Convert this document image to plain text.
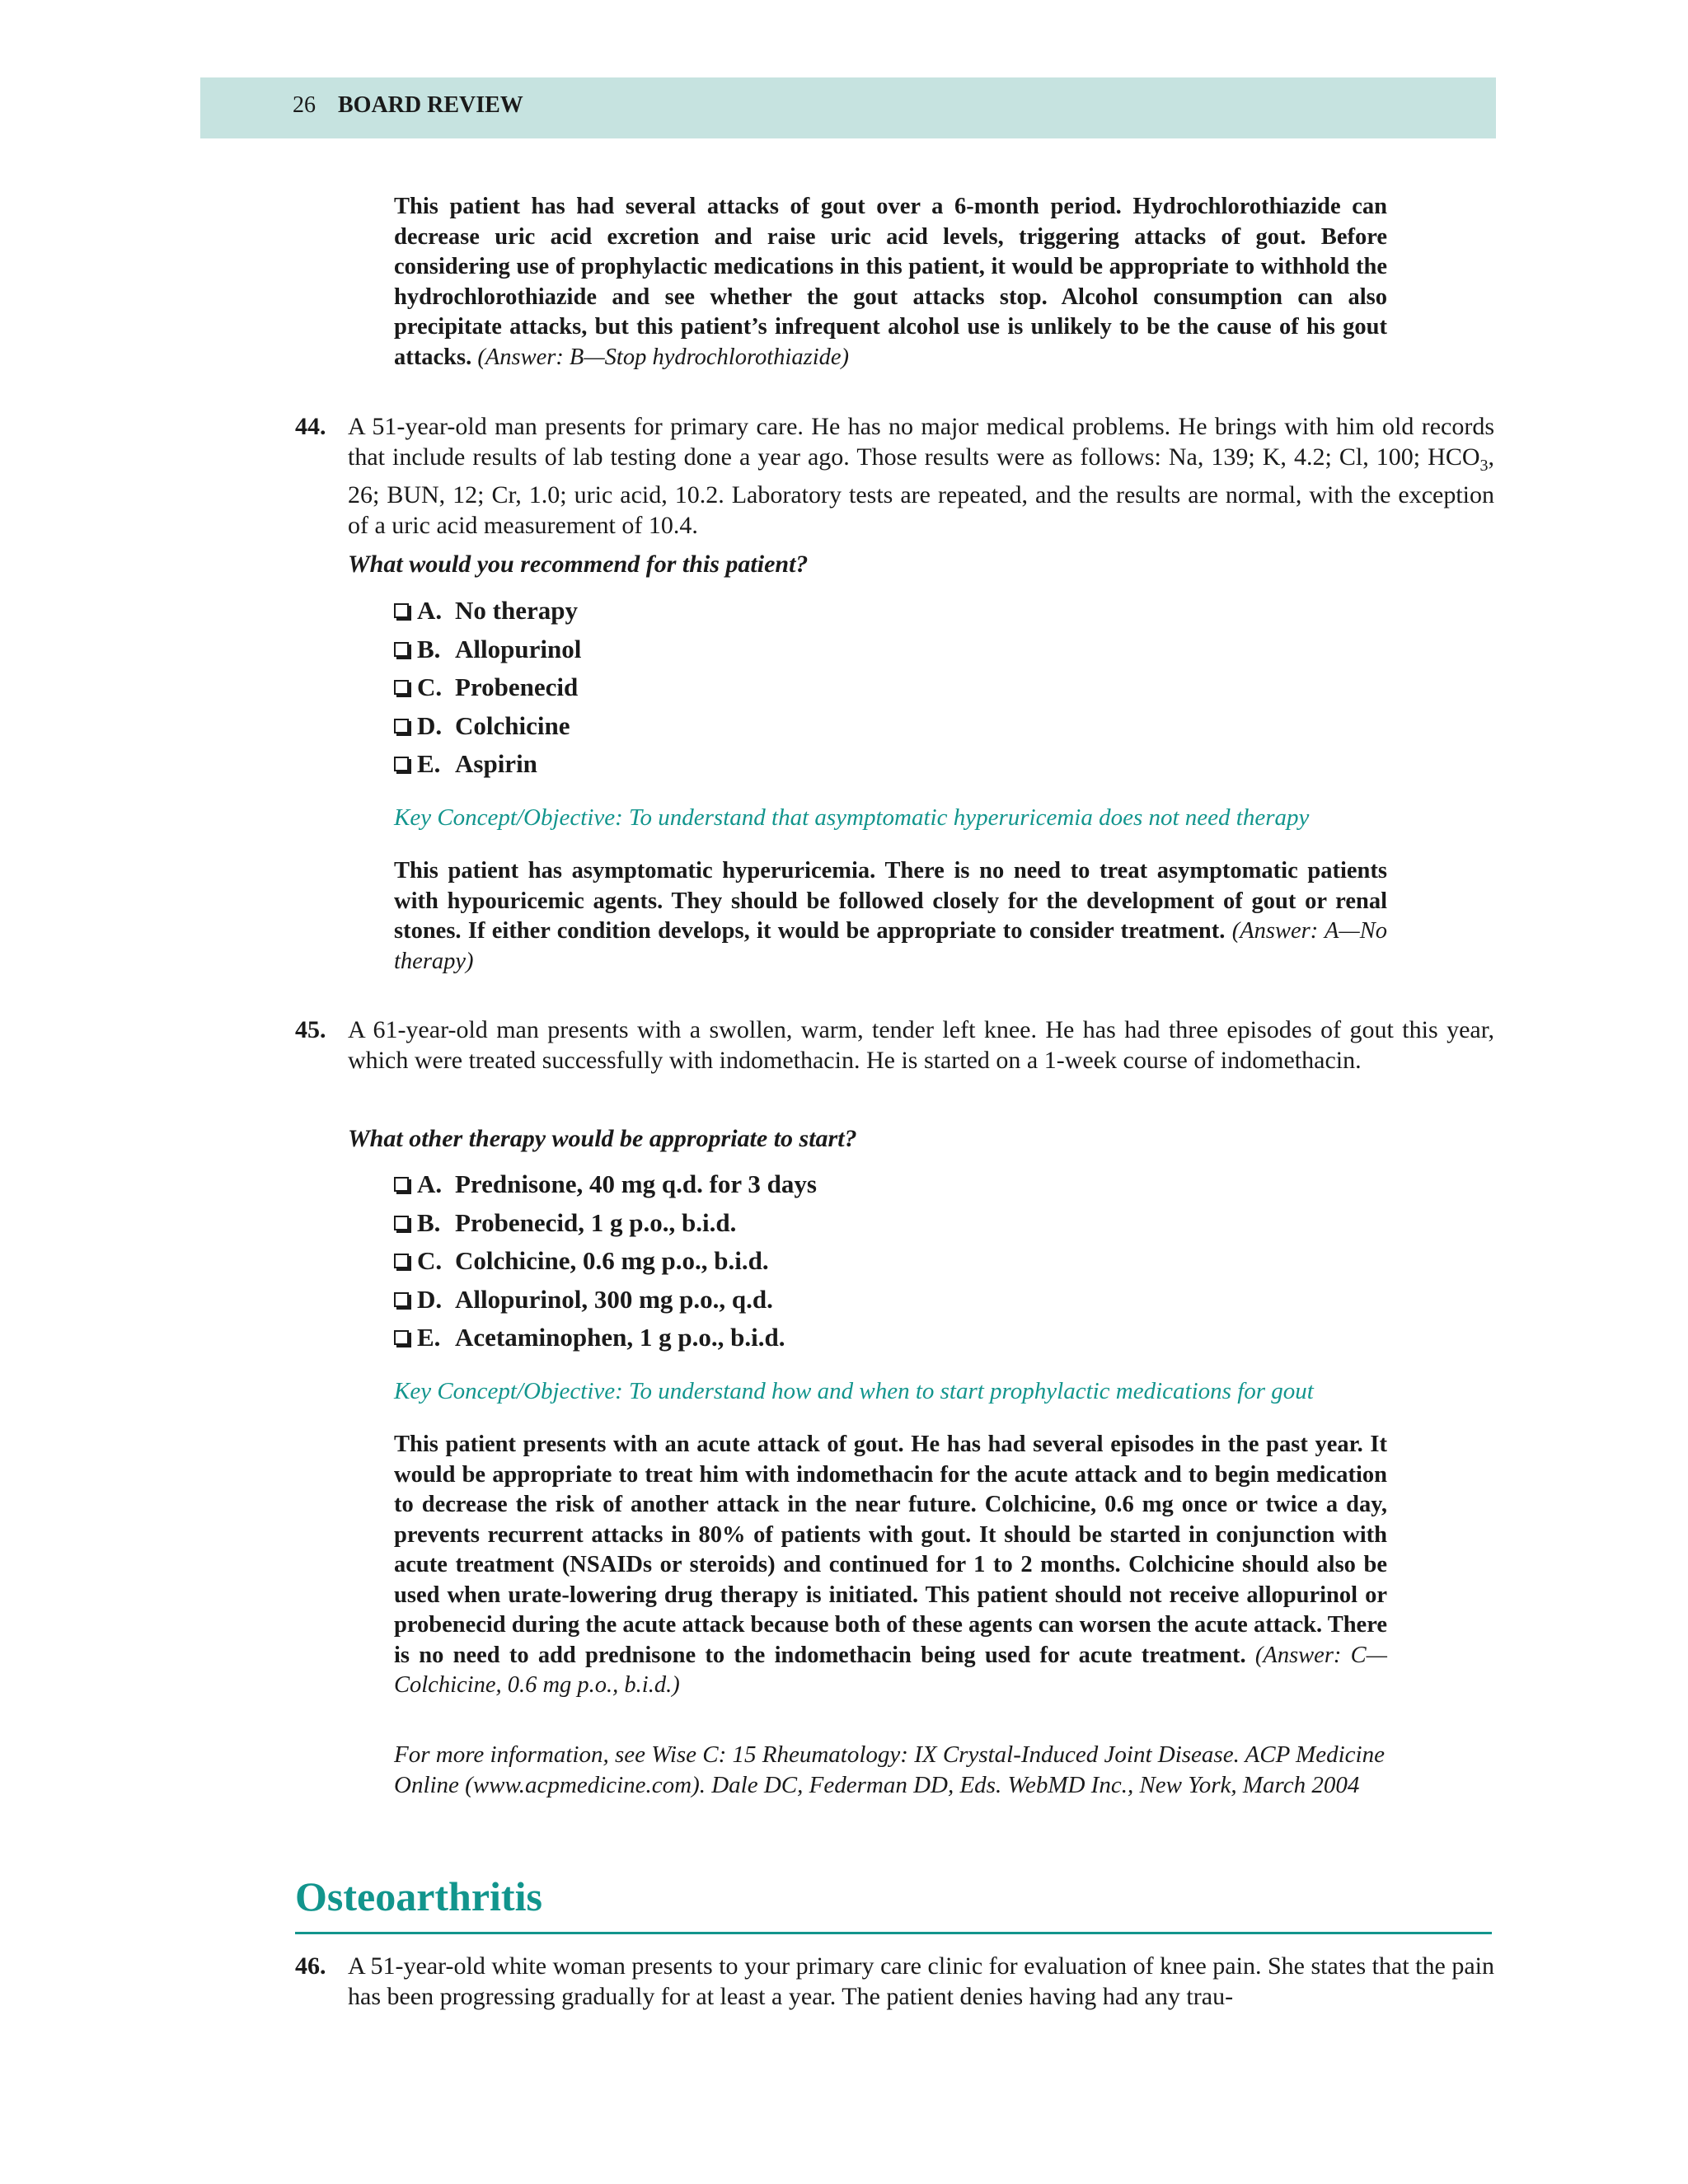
26 BOARD REVIEW
This patient has had several attacks of gout over a 6-month period. Hydrochlorothiazide can decrease uric acid excretion and raise uric acid levels, triggering attacks of gout. Before considering use of prophylactic medications in this patient, it would be appropriate to withhold the hydrochlorothiazide and see whether the gout attacks stop. Alcohol consumption can also precipitate attacks, but this patient’s infrequent alcohol use is unlikely to be the cause of his gout attacks. (Answer: B—Stop hydrochlorothiazide)
44. A 51-year-old man presents for primary care. He has no major medical problems. He brings with him old records that include results of lab testing done a year ago. Those results were as follows: Na, 139; K, 4.2; Cl, 100; $HCO_3$, 26; BUN, 12; Cr, 1.0; uric acid, 10.2. Laboratory tests are repeated, and the results are normal, with the exception of a uric acid measurement of 10.4.
What would you recommend for this patient?
A. No therapy
B. Allopurinol
C. Probenecid
D. Colchicine
E. Aspirin
Key Concept/Objective: To understand that asymptomatic hyperuricemia does not need therapy
This patient has asymptomatic hyperuricemia. There is no need to treat asymptomatic patients with hypouricemic agents. They should be followed closely for the development of gout or renal stones. If either condition develops, it would be appropriate to consider treatment. (Answer: A—No therapy)
45. A 61-year-old man presents with a swollen, warm, tender left knee. He has had three episodes of gout this year, which were treated successfully with indomethacin. He is started on a 1-week course of indomethacin.
What other therapy would be appropriate to start?
A. Prednisone, 40 mg q.d. for 3 days
B. Probenecid, 1 g p.o., b.i.d.
C. Colchicine, 0.6 mg p.o., b.i.d.
D. Allopurinol, 300 mg p.o., q.d.
E. Acetaminophen, 1 g p.o., b.i.d.
Key Concept/Objective: To understand how and when to start prophylactic medications for gout
This patient presents with an acute attack of gout. He has had several episodes in the past year. It would be appropriate to treat him with indomethacin for the acute attack and to begin medication to decrease the risk of another attack in the near future. Colchicine, 0.6 mg once or twice a day, prevents recurrent attacks in 80% of patients with gout. It should be started in conjunction with acute treatment (NSAIDs or steroids) and continued for 1 to 2 months. Colchicine should also be used when urate-lowering drug therapy is initiated. This patient should not receive allopurinol or probenecid during the acute attack because both of these agents can worsen the acute attack. There is no need to add prednisone to the indomethacin being used for acute treatment. (Answer: C—Colchicine, 0.6 mg p.o., b.i.d.)
For more information, see Wise C: 15 Rheumatology: IX Crystal-Induced Joint Disease. ACP Medicine Online (www.acpmedicine.com). Dale DC, Federman DD, Eds. WebMD Inc., New York, March 2004
Osteoarthritis
46. A 51-year-old white woman presents to your primary care clinic for evaluation of knee pain. She states that the pain has been progressing gradually for at least a year. The patient denies having had any trau-
